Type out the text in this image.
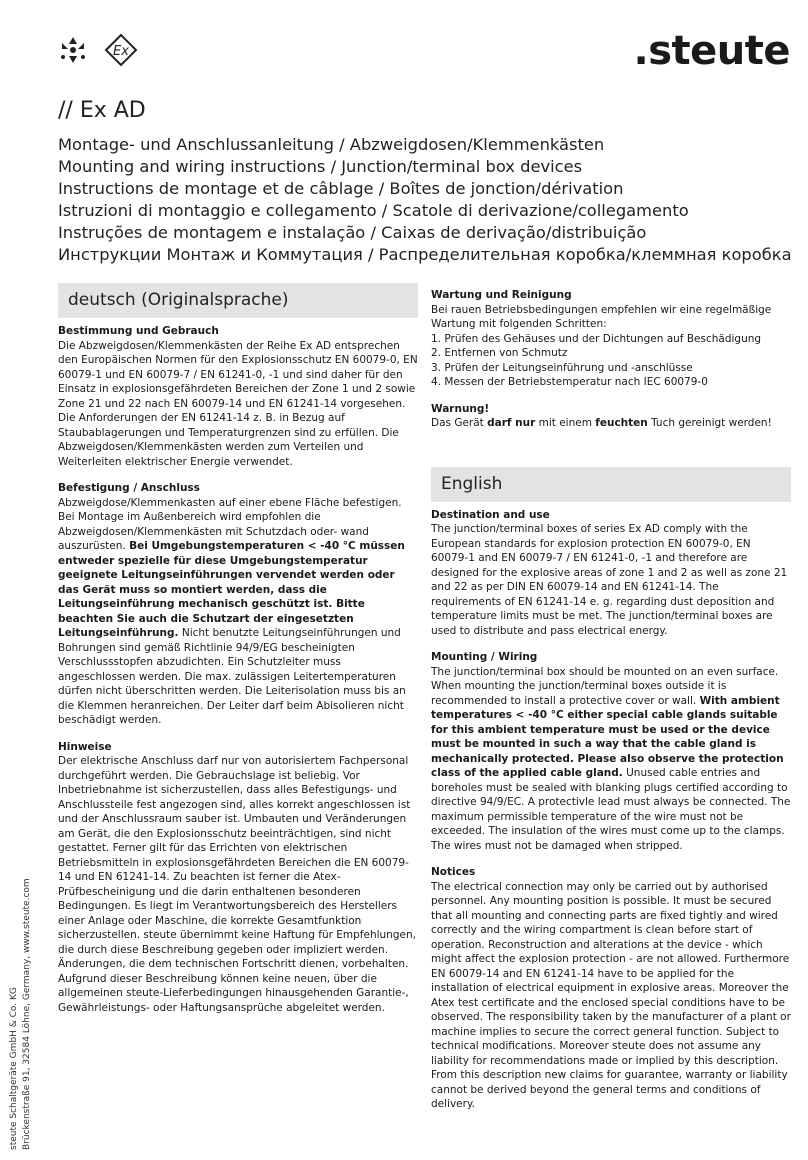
Ex	.steute
// Ex AD
Montage- und Anschlussanleitung / Abzweigdosen/Klemmenkästen
Mounting and wiring instructions / Junction/terminal box devices
Instructions de montage et de câblage / Boîtes de jonction/dérivation
Istruzioni di montaggio e collegamento / Scatole di derivazione/collegamento
Instruções de montagem e instalação / Caixas de derivação/distribuição
Инструкции Монтаж и Коммутация / Распределительная коробка/клеммная коробка
deutsch (Originalsprache)
Bestimmung und Gebrauch

Die Abzweigdosen/Klemmenkästen der Reihe Ex AD entsprechen den Europäischen Normen für den Explosionsschutz EN 60079-0, EN 60079-1 und EN 60079-7 / EN 61241-0, -1 und sind daher für den Einsatz in explosionsgefährdeten Bereichen der Zone 1 und 2 sowie Zone 21 und 22 nach EN 60079-14 und EN 61241-14 vorgesehen. Die Anforderungen der EN 61241-14 z. B. in Bezug auf Staubablagerungen und Temperaturgrenzen sind zu erfüllen. Die Abzweigdosen/Klemmenkästen werden zum Verteilen und Weiterleiten elektrischer Energie verwendet.

Befestigung / Anschluss

Abzweigdose/Klemmenkasten auf einer ebene Fläche befestigen. Bei Montage im Außenbereich wird empfohlen die Abzweigdosen/Klemmenkästen mit Schutzdach oder- wand auszurüsten. Bei Umgebungstemperaturen < -40 °C müssen entweder spezielle für diese Umgebungstemperatur geeignete Leitungseinführungen vervendet werden oder das Gerät muss so montiert werden, dass die Leitungseinführung mechanisch geschützt ist. Bitte beachten Sie auch die Schutzart der eingesetzten Leitungseinführung. Nicht benutzte Leitungseinführungen und Bohrungen sind gemäß Richtlinie 94/9/EG bescheinigten Verschlussstopfen abzudichten. Ein Schutzleiter muss angeschlossen werden. Die max. zulässigen Leitertemperaturen dürfen nicht überschritten werden. Die Leiterisolation muss bis an die Klemmen heranreichen. Der Leiter darf beim Abisolieren nicht beschädigt werden.

Hinweise

Der elektrische Anschluss darf nur von autorisiertem Fachpersonal durchgeführt werden. Die Gebrauchslage ist beliebig. Vor Inbetriebnahme ist sicherzustellen, dass alles Befestigungs- und Anschlussteile fest angezogen sind, alles korrekt angeschlossen ist und der Anschlussraum sauber ist. Umbauten und Veränderungen am Gerät, die den Explosionsschutz beeinträchtigen, sind nicht gestattet. Ferner gilt für das Errichten von elektrischen Betriebsmitteln in explosionsgefährdeten Bereichen die EN 60079-14 und EN 61241-14. Zu beachten ist ferner die Atex-Prüfbescheinigung und die darin enthaltenen besonderen Bedingungen. Es liegt im Verantwortungsbereich des Herstellers einer Anlage oder Maschine, die korrekte Gesamtfunktion sicherzustellen. steute übernimmt keine Haftung für Empfehlungen, die durch diese Beschreibung gegeben oder impliziert werden. Änderungen, die dem technischen Fortschritt dienen, vorbehalten. Aufgrund dieser Beschreibung können keine neuen, über die allgemeinen steute-Lieferbedingungen hinausgehenden Garantie-, Gewährleistungs- oder Haftungsansprüche abgeleitet werden.

Wartung und Reinigung

Bei rauen Betriebsbedingungen empfehlen wir eine regelmäßige Wartung mit folgenden Schritten:

1. Prüfen des Gehäuses und der Dichtungen auf Beschädigung
2. Entfernen von Schmutz
3. Prüfen der Leitungseinführung und -anschlüsse
4. Messen der Betriebstemperatur nach IEC 60079-0
Warnung!

Das Gerät darf nur mit einem feuchten Tuch gereinigt werden!

English
Destination and use

The junction/terminal boxes of series Ex AD comply with the European standards for explosion protection EN 60079-0, EN 60079-1 and EN 60079-7 / EN 61241-0, -1 and therefore are designed for the explosive areas of zone 1 and 2 as well as zone 21 and 22 as per DIN EN 60079-14 and EN 61241-14. The requirements of EN 61241-14 e. g. regarding dust deposition and temperature limits must be met. The junction/terminal boxes are used to distribute and pass electrical energy.

Mounting / Wiring

The junction/terminal box should be mounted on an even surface. When mounting the junction/terminal boxes outside it is recommended to install a protective cover or wall. With ambient temperatures < -40 °C either special cable glands suitable for this ambient temperature must be used or the device must be mounted in such a way that the cable gland is mechanically protected. Please also observe the protection class of the applied cable gland. Unused cable entries and boreholes must be sealed with blanking plugs certified according to directive 94/9/EC. A protectivle lead must always be connected. The maximum permissible temperature of the wire must not be exceeded. The insulation of the wires must come up to the clamps. The wires must not be damaged when stripped.

Notices

The electrical connection may only be carried out by authorised personnel. Any mounting position is possible. It must be secured that all mounting and connecting parts are fixed tightly and wired correctly and the wiring compartment is clean before start of operation. Reconstruction and alterations at the device - which might affect the explosion protection - are not allowed. Furthermore EN 60079-14 and EN 61241-14 have to be applied for the installation of electrical equipment in explosive areas. Moreover the Atex test certificate and the enclosed special conditions have to be observed. The responsibility taken by the manufacturer of a plant or machine implies to secure the correct general function. Subject to technical modifications. Moreover steute does not assume any liability for recommendations made or implied by this description. From this description new claims for guarantee, warranty or liability cannot be derived beyond the general terms and conditions of delivery.

steute Schaltgeräte GmbH & Co. KG Brückenstraße 91, 32584 Löhne, Germany, www.steute.com
